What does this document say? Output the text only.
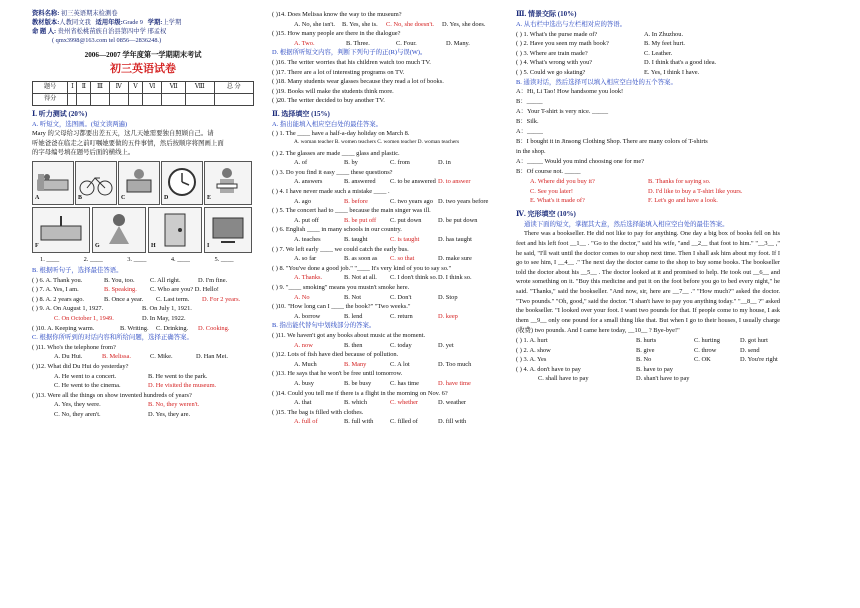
资料名称: 初三英语期末检测卷
教材版本:人教同文我 适用年级:Grade 9 学期:上学期
命 题 人: 贵州省松桃苗族自治县第四中学 邢孟权
( qmx3998@163.com tel 0856—2836248.)
2006—2007 学年度第一学期期末考试
初三英语试卷
题号	Ⅰ	Ⅱ	Ⅲ	Ⅳ	Ⅴ	Ⅵ	Ⅶ	Ⅷ	总 分
得分									
Ⅰ. 听力测试 (20%)
A. 听短文，选图画。(短文读两遍)
Mary 的父母给习都要出差五天，这几天她需要独自照顾自己。请
听她爸爸在临走之前叮嘱她要做的五件事情，然后按顺序将图画上面
的字母编号填在题号后面的横线上。
A	B	C	D	E
F	G	H	I
1. ____	2. ____	3. ____	4. ____	5. ____
B. 根据听句子，选择最佳答语。
( ) 6. A. Thank you.	B. You, too. C. All right.	D. I'm fine.
( ) 7. A. Yes, I am.	B. Speaking. C. Who are you? D. Hello!
( ) 8. A. 2 years ago.	B. Once a year. C. Last term. D. For 2 years.
( ) 9. A. On August 1, 1927.	B. On July 1, 1921.
C. On October 1, 1949.	D. In May, 1922.
( )10. A. Keeping warm.	B. Writing. C. Drinking. D. Cooking.
C. 根据你所听到的对话内容和所给问题，选择正确答案。
( )11. Who's the telephone from?
A. Du Hui.	B. Melissa.	C. Mike.	D. Han Mei.
( )12. What did Du Hui do yesterday?
A. He went to a concert.	B. He went to the park.
C. He went to the cinema.	D. He visited the museum.
( )13. Were all the things on show invented hundreds of years?
A. Yes, they were.	B. No, they weren't.
C. No, they aren't.	D. Yes, they are.
( )14. Does Melissa know the way to the museum?
A. No, she isn't. B. Yes, she is. C. No, she doesn't. D. Yes, she does.
( )15. How many people are there in the dialogue?
A. Two.	B. Three.	C. Four.	D. Many.
D. 根据所听短文内容，判断下列句子的正(R)与误(W)。
( )16. The writer worries that his children watch too much TV.
( )17. There are a lot of interesting programs on TV.
( )18. Many students wear glasses because they read a lot of books.
( )19. Books will make the students think more.
( )20. The writer decided to buy another TV.
Ⅱ. 选择填空 (15%)
A. 指出能填入相应空白处的最佳答案。
( ) 1. The ____ have a half-a-day holiday on March 8.
A. woman teacher B. women teachers C. women teacher D. woman teachers
( ) 2. The glasses are made ____ glass and plastic.
A. of	B. by	C. from	D. in
( ) 3. Do you find it easy ____ these questions?
A. answers	B. answered C. to be answered D. to answer
( ) 4. I have never made such a mistake ____ .
A. ago	B. before	C. two years ago D. two years before
( ) 5. The concert had to ____ because the main singer was ill.
A. put off	B. be put off C. put down	D. be put down
( ) 6. English ____ in many schools in our country.
A. teaches	B. taught	C. is taught	D. has taught
( ) 7. We left early ____ we could catch the early bus.
A. so far	B. as soon as C. so that	D. make sure
( ) 8. "You've done a good job." "____ It's very kind of you to say so."
A. Thanks.	B. Not at all. C. I don't think so.D. I think so.
( ) 9. "____ smoking" means you mustn't smoke here.
A. No	B. Not	C. Don't	D. Stop
( )10. "How long can I ____ the book?" "Two weeks."
A. borrow	B. lend	C. return	D. keep
B. 指出能代替句中划线部分的答案。
( )11. We haven't got any books about music at the moment.
A. now	B. then	C. today	D. yet
( )12. Lots of fish have died because of pollution.
A. Much	B. Many	C. A lot	D. Too much
( )13. He says that he won't be free until tomorrow.
A. busy	B. be busy	C. has time	D. have time
( )14. Could you tell me if there is a flight in the morning on Nov. 6?
A. that	B. which	C. whether	D. weather
( )15. The bag is filled with clothes.
A. full of	B. full with	C. filled of	D. fill with
Ⅲ. 情景交际 (10%)
A. 从右栏中选出与左栏相对应的答语。
( ) 1. What's the purse made of?	A. In Zhuzhou.
( ) 2. Have you seen my math book?	B. My feet hurt.
( ) 3. Where are train made?	C. Leather.
( ) 4. What's wrong with you?	D. I think that's a good idea.
( ) 5. Could we go skating?	E. Yes, I think I have.
B. 通读对话，然后选择可以填入相应空白处的五个答案。
A：Hi, Li Tao! How handsome you look!
B：_____
A：Your T-shirt is very nice. _____
B：Silk.
A：_____
B：I bought it in Jinsong Clothing Shop. There are many colors of T-shirts
in the shop.
A：_____ Would you mind choosing one for me?
B：Of course not. _____
A. Where did you buy it?	B. Thanks for saying so.
C. See you later!	D. I'd like to buy a T-shirt like yours.
E. What's it made of?	F. Let's go and have a look.
Ⅳ. 完形填空 (10%)
通读下面的短文，掌握其大意，然后选择能填入相应空白处的最佳答案。
There was a bookseller. He did not like to pay for anything. One day a big box of books fell on his feet and his left foot __1__ . "Go to the doctor," said his wife, "and __2__ that foot to him." "__3__ ," he said, "I'll wait until the doctor comes to our shop next time. Then I shall ask him about my foot. If I go to see him, I __4__ ." The next day the doctor came to the shop to buy some books. The bookseller told the doctor about his __5__ . The doctor looked at it and promised to help. He took out __6__ and wrote something on it. "Buy this medicine and put it on the foot before you go to bed every night," he said. "Thanks," said the bookseller. "And now, sir, here are __7__ ." "How much?" asked the doctor. "Two pounds." "Oh, good," said the doctor. "I shan't have to pay you anything today." "__8__ ?" asked the bookseller. "I looked over your foot. I want two pounds for that. If people come to my house, I ask them __9__ only one pound for a small thing like that. But when I go to their houses, I usually charge (收费) two pounds. And I came here today, __10__ ? Bye-bye!"
( ) 1. A. hurt	B. hurts	C. hurting	D. got hurt
( ) 2. A. show	B. give	C. throw	D. send
( ) 3. A. Yes	B. No	C. OK	D. You're right
( ) 4. A. don't have to pay	B. have to pay
C. shall have to pay	D. shan't have to pay
